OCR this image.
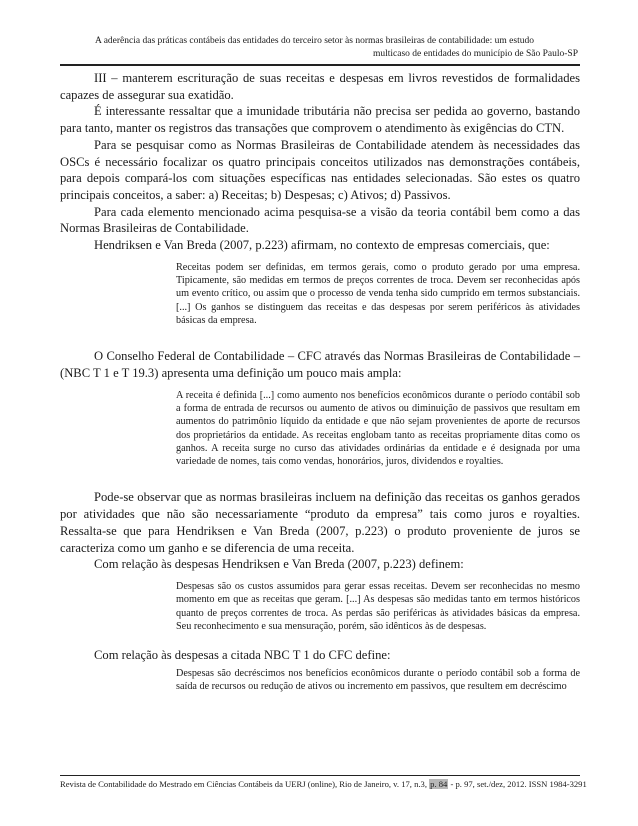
A aderência das práticas contábeis das entidades do terceiro setor às normas brasileiras de contabilidade: um estudo
multicaso de entidades do município de São Paulo-SP

III – manterem escrituração de suas receitas e despesas em livros revestidos de formalidades capazes de assegurar sua exatidão.

É interessante ressaltar que a imunidade tributária não precisa ser pedida ao governo, bastando para tanto, manter os registros das transações que comprovem o atendimento às exigências do CTN.

Para se pesquisar como as Normas Brasileiras de Contabilidade atendem às necessidades das OSCs é necessário focalizar os quatro principais conceitos utilizados nas demonstrações contábeis, para depois compará-los com situações específicas nas entidades selecionadas. São estes os quatro principais conceitos, a saber: a) Receitas; b) Despesas; c) Ativos; d) Passivos.

Para cada elemento mencionado acima pesquisa-se a visão da teoria contábil bem como a das Normas Brasileiras de Contabilidade.

Hendriksen e Van Breda (2007, p.223) afirmam, no contexto de empresas comerciais, que:

Receitas podem ser definidas, em termos gerais, como o produto gerado por uma empresa. Tipicamente, são medidas em termos de preços correntes de troca. Devem ser reconhecidas após um evento crítico, ou assim que o processo de venda tenha sido cumprido em termos substanciais. [...] Os ganhos se distinguem das receitas e das despesas por serem periféricos às atividades básicas da empresa.

O Conselho Federal de Contabilidade – CFC através das Normas Brasileiras de Contabilidade – (NBC T 1 e T 19.3) apresenta uma definição um pouco mais ampla:

A receita é definida [...] como aumento nos benefícios econômicos durante o período contábil sob a forma de entrada de recursos ou aumento de ativos ou diminuição de passivos que resultam em aumentos do patrimônio líquido da entidade e que não sejam provenientes de aporte de recursos dos proprietários da entidade. As receitas englobam tanto as receitas propriamente ditas como os ganhos. A receita surge no curso das atividades ordinárias da entidade e é designada por uma variedade de nomes, tais como vendas, honorários, juros, dividendos e royalties.

Pode-se observar que as normas brasileiras incluem na definição das receitas os ganhos gerados por atividades que não são necessariamente “produto da empresa” tais como juros e royalties. Ressalta-se que para Hendriksen e Van Breda (2007, p.223) o produto proveniente de juros se caracteriza como um ganho e se diferencia de uma receita.

Com relação às despesas Hendriksen e Van Breda (2007, p.223) definem:

Despesas são os custos assumidos para gerar essas receitas. Devem ser reconhecidas no mesmo momento em que as receitas que geram. [...] As despesas são medidas tanto em termos históricos quanto de preços correntes de troca. As perdas são periféricas às atividades básicas da empresa. Seu reconhecimento e sua mensuração, porém, são idênticos às de despesas.

Com relação às despesas a citada NBC T 1 do CFC define:

Despesas são decréscimos nos benefícios econômicos durante o período contábil sob a forma de saída de recursos ou redução de ativos ou incremento em passivos, que resultem em decréscimo
Revista de Contabilidade do Mestrado em Ciências Contábeis da UERJ (online), Rio de Janeiro, v. 17, n.3, p. 84 - p. 97, set./dez, 2012. ISSN 1984-3291
